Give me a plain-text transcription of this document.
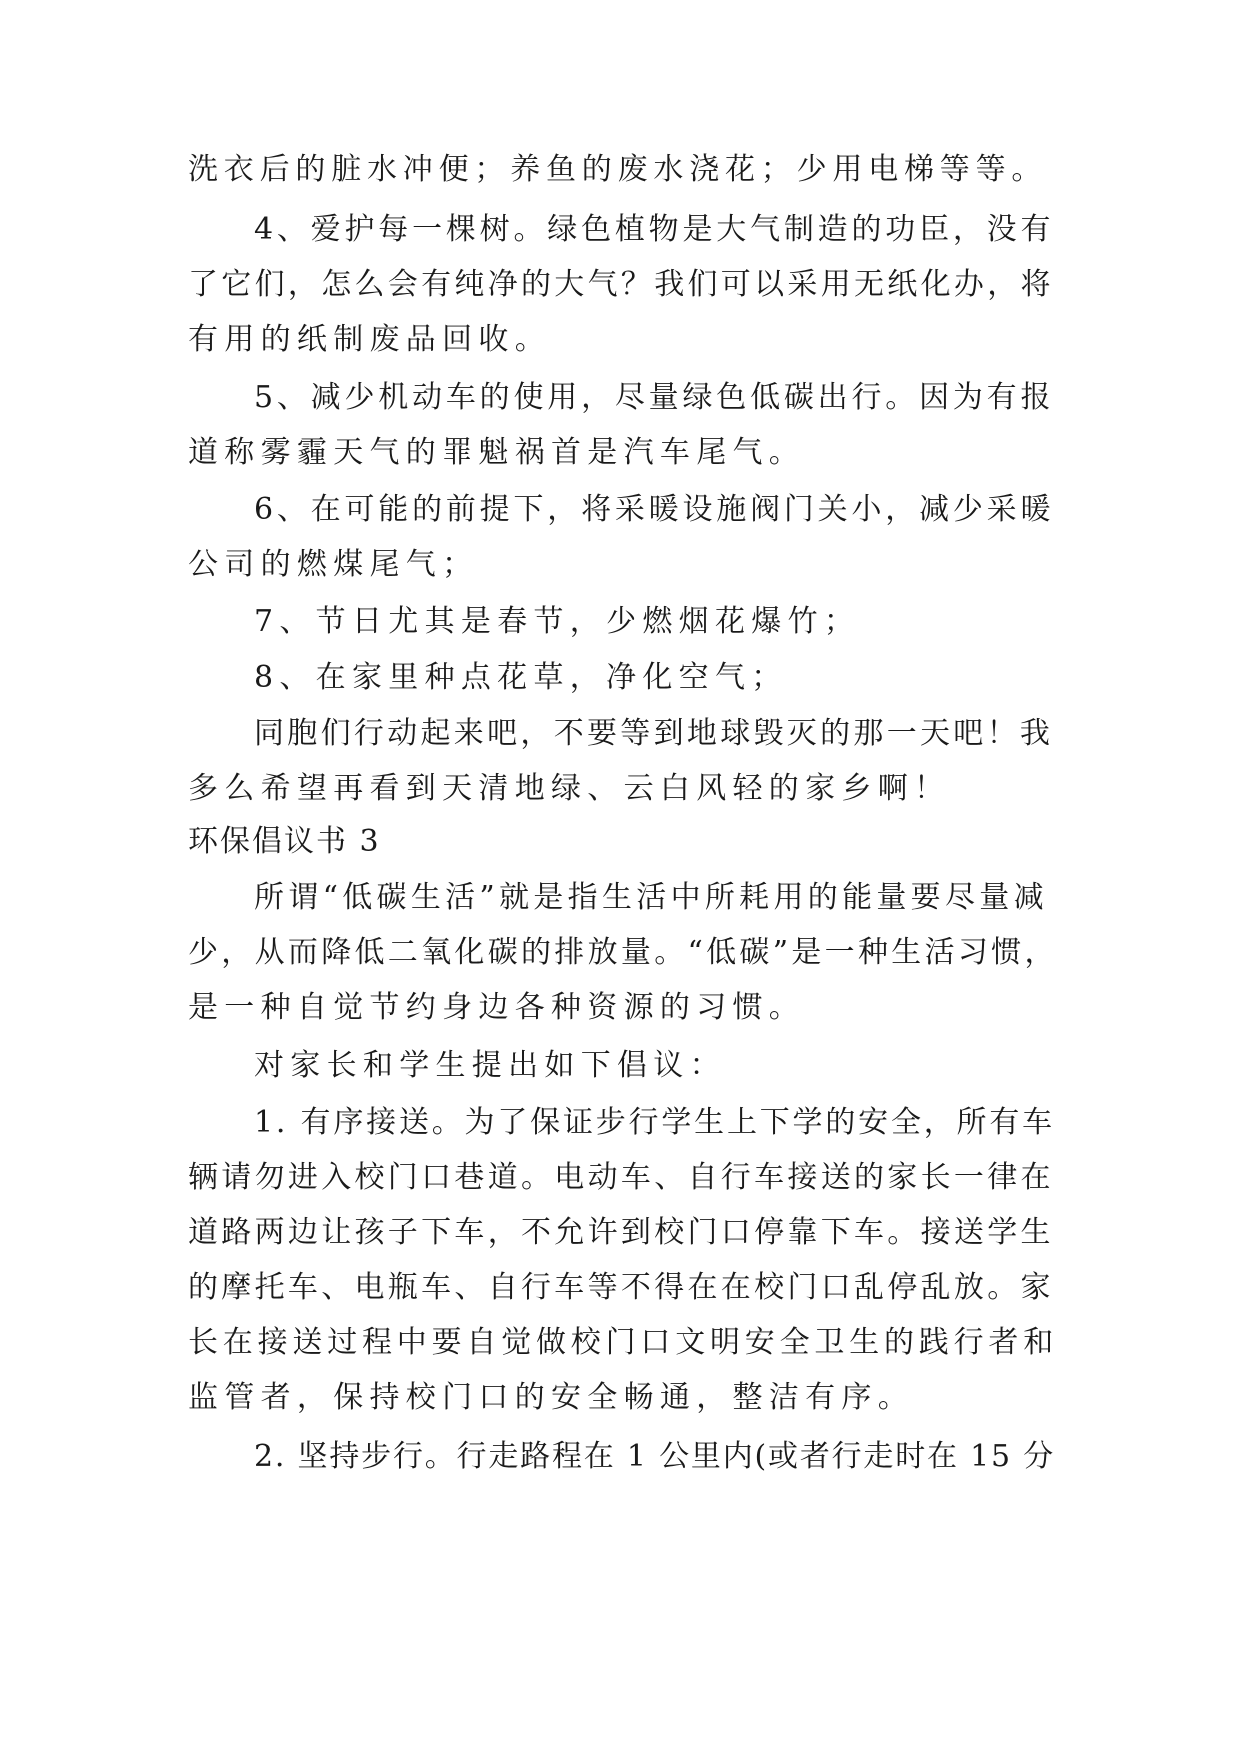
洗衣后的脏水冲便；养鱼的废水浇花；少用电梯等等。
4、爱护每一棵树。绿色植物是大气制造的功臣，没有
了它们，怎么会有纯净的大气？我们可以采用无纸化办，将
有用的纸制废品回收。
5、减少机动车的使用，尽量绿色低碳出行。因为有报
道称雾霾天气的罪魁祸首是汽车尾气。
6、在可能的前提下，将采暖设施阀门关小，减少采暖
公司的燃煤尾气；
7、节日尤其是春节，少燃烟花爆竹；
8、在家里种点花草，净化空气；
同胞们行动起来吧，不要等到地球毁灭的那一天吧！我
多么希望再看到天清地绿、云白风轻的家乡啊！
环保倡议书 3
所谓“低碳生活”就是指生活中所耗用的能量要尽量减
少，从而降低二氧化碳的排放量。“低碳”是一种生活习惯，
是一种自觉节约身边各种资源的习惯。
对家长和学生提出如下倡议：
1. 有序接送。为了保证步行学生上下学的安全，所有车
辆请勿进入校门口巷道。电动车、自行车接送的家长一律在
道路两边让孩子下车，不允许到校门口停靠下车。接送学生
的摩托车、电瓶车、自行车等不得在在校门口乱停乱放。家
长在接送过程中要自觉做校门口文明安全卫生的践行者和
监管者，保持校门口的安全畅通，整洁有序。
2. 坚持步行。行走路程在 1 公里内(或者行走时在 15 分
